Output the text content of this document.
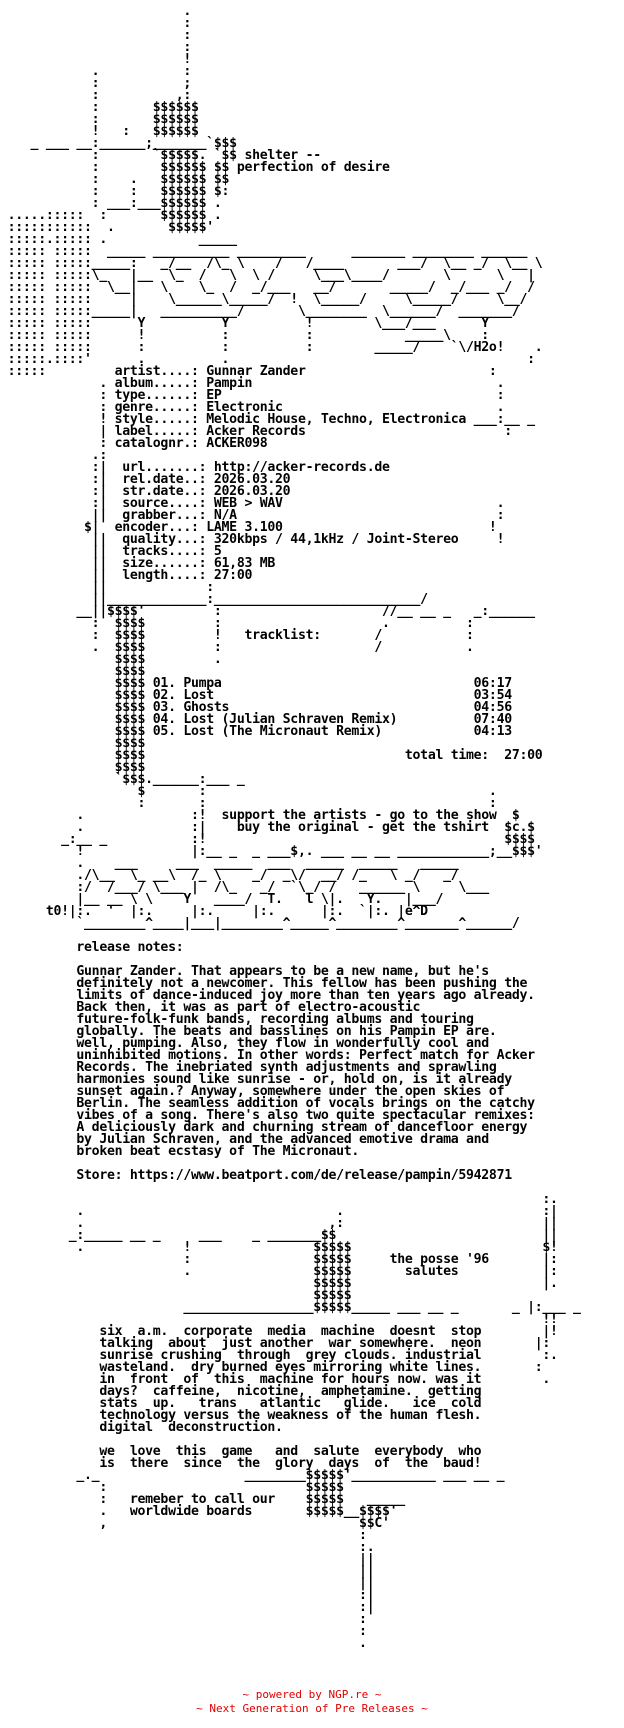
.
:
:
:
!
.           :
:           ;
:          ,:
:       $$$$$$
:       $$$$$$
!   :   $$$$$$
_ ___ __:______;_______`$$$
:       `$$$$$. `$$ shelter --
:        $$$$$$ $$ perfection of desire
:    .   $$$$$$ $$
:    :   $$$$$$ $:
: ___:___$$$$$$ .
.....:::::  :       $$$$$$ .
:::::::::::  .       $$$$$'
:::::.::::: .            _____
::::: :::::  _____ __________ _________      _______ ________ ______
::::: :::::_____:   _/__  /\_ \    /   /____       ___/  \__ _/  \__ \
::::: :::::\_   |__  \_  /   \  \ /     \___\____/       \      \   |
::::: :::::  \__|   \    \_  /  _/___   __/       _____/  _/___ _/  /
::::: :::::     |    \______\_____/  !  \_____/     \_____/     \__/
::::: :::::_____|   __________/       \________  \______/  _______/
::::: :::::      Y          Y          !        \___/___      Y
::::: :::::      !          :          :            _____\    :
::::: :::::      :          :          :        _____/    `\/H2o!    .
:::::.::::'      .          .                                       :
:::::         artist....: Gunnar Zander                        :
. album.....: Pampin                                .
: type......: EP                                    :
: genre.....: Electronic                            .
! style.....: Melodic House, Techno, Electronica ___:__ _
| label.....: Acker Records                          :
: catalognr.: ACKER098
.:
:|  url.......: http://acker-records.de
:|  rel.date..: 2026.03.20
:|  str.date..: 2026.03.20
:|  source....: WEB > WAV                            .
||  grabber...: N/A                                  :
$|  encoder...: LAME 3.100                           !
||  quality...: 320kbps / 44,1kHz / Joint-Stereo     !
||  tracks....: 5
||  size......: 61,83 MB
||  length....: 27:00
||             :
||_____________:___________________________/
__||$$$$'         :                     //__ __ _   _:______
:  $$$$         :                     .          :
:  $$$$         !   tracklist:       /           :
.  $$$$         :                    /           .
$$$$         .
$$$$
$$$$ 01. Pumpa                                 06:17
$$$$ 02. Lost                                  03:54
$$$$ 03. Ghosts                                04:56
$$$$ 04. Lost (Julian Schraven Remix)          07:40
$$$$ 05. Lost (The Micronaut Remix)            04:13
$$$$
$$$$                                  total time:  27:00
$$$$
`$$$.______:___ _
$       :                                     .
:       :                                     :
.              :!  support the artists - go to the show  $
.              :|    buy the original - get the tshirt  $c.$
_:__ _           :!                                       $$$$
!              |:__ _  _ ___$,. ___ __ __ ____________;__$$$'
.    ___     ___  _____  ___  _____  _____   _____
./\__  \_ __\  /_ \    _/  _\/  __/ /_   \ _/   _/
:/  /___/ \___ |  /\_   _/  `\_/ /   ______ \     \___
|__ __ \ \    Y   ____/  T.   l \|.   Y.   |___/
t0!|:.  '  |:.     |:.     |:.      |:.  `|:. |e^D
`________^____|___|________^_____^________^_______^______/

release notes:

Gunnar Zander. That appears to be a new name, but he's
definitely not a newcomer. This fellow has been pushing the
limits of dance-induced joy more than ten years ago already.
Back then, it was as part of electro-acoustic
future-folk-funk bands, recording albums and touring
globally. The beats and basslines on his Pampin EP are.
well, pumping. Also, they flow in wonderfully cool and
uninhibited motions. In other words: Perfect match for Acker
Records. The inebriated synth adjustments and sprawling
harmonies sound like sunrise - or, hold on, is it already
sunset again.? Anyway, somewhere under the open skies of
Berlin. The seamless addition of vocals brings on the catchy
vibes of a song. There's also two quite spectacular remixes:
A deliciously dark and churning stream of dancefloor energy
by Julian Schraven, and the advanced emotive drama and
broken beat ecstasy of The Micronaut.

Store: https://www.beatport.com/de/release/pampin/5942871

:.
.                                 .                          :|
.                                ,:                          ||
_:_____ __ _     ___    _ _______$$                           ||
.             !                $$$$$                         $!
:                $$$$$     the posse '96       |:
.                $$$$$       salutes           |:
$$$$$                         |.
$$$$$
_________________$$$$$_____ ___ __ _       _ |:___ _
!!
six  a.m.  corporate  media  machine  doesnt  stop        |!
talking  about  just another  war somewhere.  neon       |:
sunrise crushing  through  grey clouds. industrial        :.
wasteland.  dry burned eyes mirroring white lines.       :
in  front  of  this  machine for hours now. was it        .
days?  caffeine,  nicotine,  amphetamine.  getting
stats  up.   trans   atlantic   glide.   ice  cold
technology versus the weakness of the human flesh.
digital  deconstruction.

we  love  this  game   and  salute  everybody  who
is  there  since  the  glory  days  of  the  baud!
_._                   ________$$$$$'___________ ___ __ _
:                          $$$$$
:   remeber to call our    $$$$$   _____
.   worldwide boards       $$$$$__$$$$'
,                                 $$C'
:
:.
||
||
||
:|
:|
:
:
.
~ powered by NGP.re ~
~ Next Generation of Pre Releases ~
